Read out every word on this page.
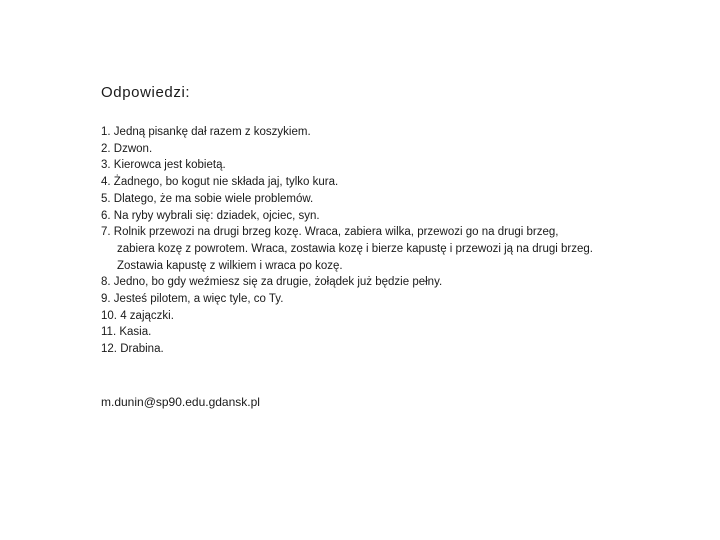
Odpowiedzi:
1.
Jedną pisankę dał razem z koszykiem.
2.
Dzwon.
3.
Kierowca jest kobietą.
4.
Żadnego, bo kogut nie składa jaj, tylko kura.
5.
Dlatego, że ma sobie wiele problemów.
6.
Na ryby wybrali się: dziadek, ojciec, syn.
7.
Rolnik przewozi na drugi brzeg kozę. Wraca, zabiera wilka, przewozi go na drugi brzeg,
zabiera kozę z powrotem. Wraca, zostawia kozę i bierze kapustę i przewozi ją na drugi brzeg.
Zostawia kapustę z wilkiem i wraca po kozę.
8.
Jedno, bo gdy weźmiesz się za drugie, żołądek już będzie pełny.
9.
Jesteś pilotem, a więc tyle, co Ty.
10.
4 zajączki.
11.
Kasia.
12.
Drabina.
m.dunin@sp90.edu.gdansk.pl
